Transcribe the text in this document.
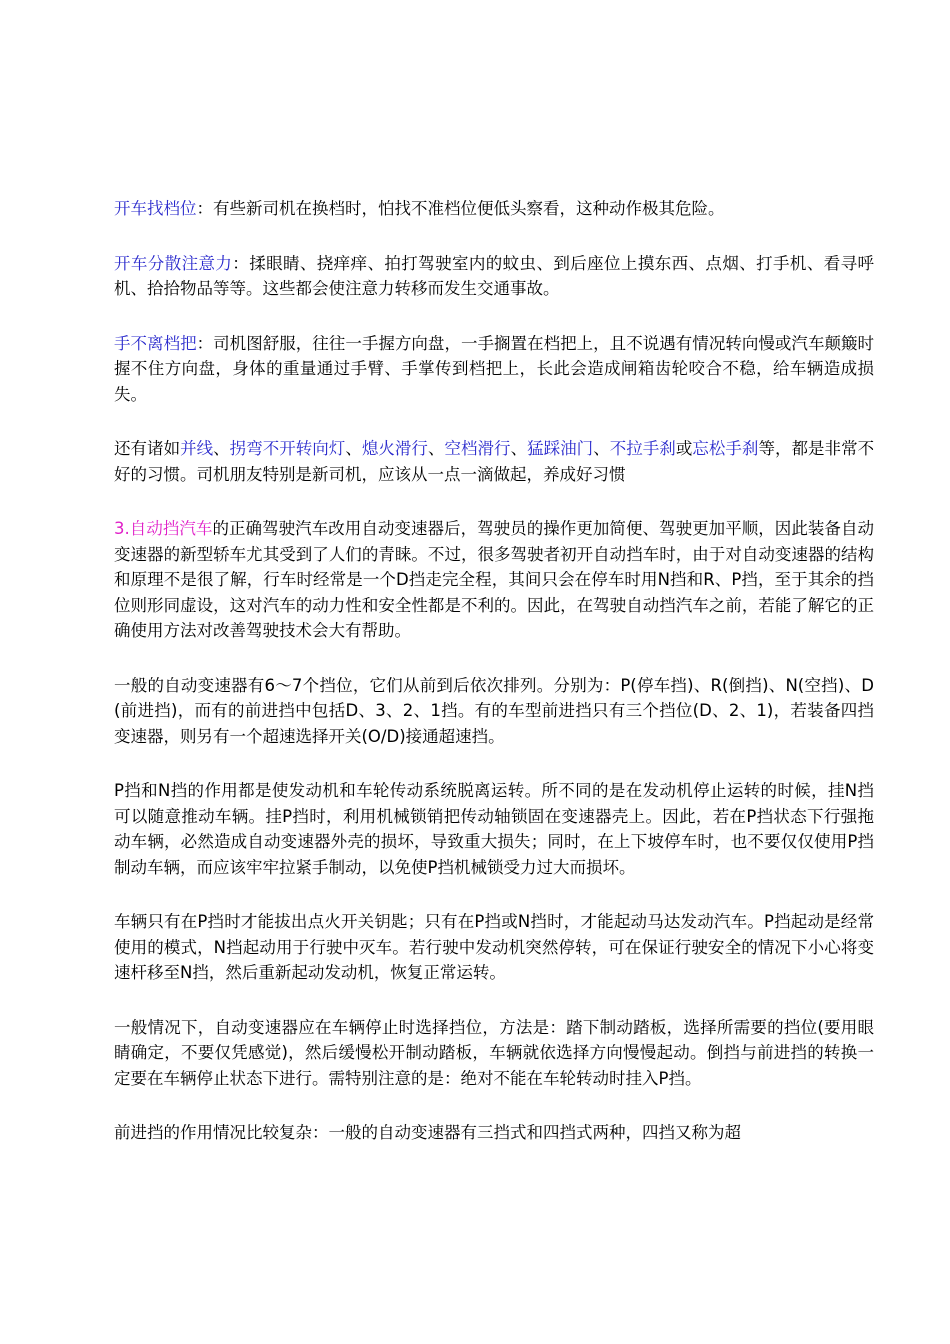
开车找档位：有些新司机在换档时，怕找不准档位便低头察看，这种动作极其危险。

开车分散注意力：揉眼睛、挠痒痒、拍打驾驶室内的蚊虫、到后座位上摸东西、点烟、打手机、看寻呼机、拾拾物品等等。这些都会使注意力转移而发生交通事故。

手不离档把：司机图舒服，往往一手握方向盘，一手搁置在档把上，且不说遇有情况转向慢或汽车颠簸时握不住方向盘，身体的重量通过手臂、手掌传到档把上，长此会造成闸箱齿轮咬合不稳，给车辆造成损失。

还有诸如并线、拐弯不开转向灯、熄火滑行、空档滑行、猛踩油门、不拉手刹或忘松手刹等，都是非常不好的习惯。司机朋友特别是新司机，应该从一点一滴做起，养成好习惯

3.自动挡汽车的正确驾驶汽车改用自动变速器后，驾驶员的操作更加简便、驾驶更加平顺，因此装备自动变速器的新型轿车尤其受到了人们的青睐。不过，很多驾驶者初开自动挡车时，由于对自动变速器的结构和原理不是很了解，行车时经常是一个D挡走完全程，其间只会在停车时用N挡和R、P挡，至于其余的挡位则形同虚设，这对汽车的动力性和安全性都是不利的。因此，在驾驶自动挡汽车之前，若能了解它的正确使用方法对改善驾驶技术会大有帮助。

一般的自动变速器有6～7个挡位，它们从前到后依次排列。分别为：P(停车挡)、R(倒挡)、N(空挡)、D(前进挡)，而有的前进挡中包括D、3、2、1挡。有的车型前进挡只有三个挡位(D、2、1)，若装备四挡变速器，则另有一个超速选择开关(O/D)接通超速挡。

P挡和N挡的作用都是使发动机和车轮传动系统脱离运转。所不同的是在发动机停止运转的时候，挂N挡可以随意推动车辆。挂P挡时，利用机械锁销把传动轴锁固在变速器壳上。因此，若在P挡状态下行强拖动车辆，必然造成自动变速器外壳的损坏，导致重大损失；同时，在上下坡停车时，也不要仅仅使用P挡制动车辆，而应该牢牢拉紧手制动，以免使P挡机械锁受力过大而损坏。

车辆只有在P挡时才能拔出点火开关钥匙；只有在P挡或N挡时，才能起动马达发动汽车。P挡起动是经常使用的模式，N挡起动用于行驶中灭车。若行驶中发动机突然停转，可在保证行驶安全的情况下小心将变速杆移至N挡，然后重新起动发动机，恢复正常运转。

一般情况下，自动变速器应在车辆停止时选择挡位，方法是：踏下制动踏板，选择所需要的挡位(要用眼睛确定，不要仅凭感觉)，然后缓慢松开制动踏板，车辆就依选择方向慢慢起动。倒挡与前进挡的转换一定要在车辆停止状态下进行。需特别注意的是：绝对不能在车轮转动时挂入P挡。

前进挡的作用情况比较复杂：一般的自动变速器有三挡式和四挡式两种，四挡又称为超
